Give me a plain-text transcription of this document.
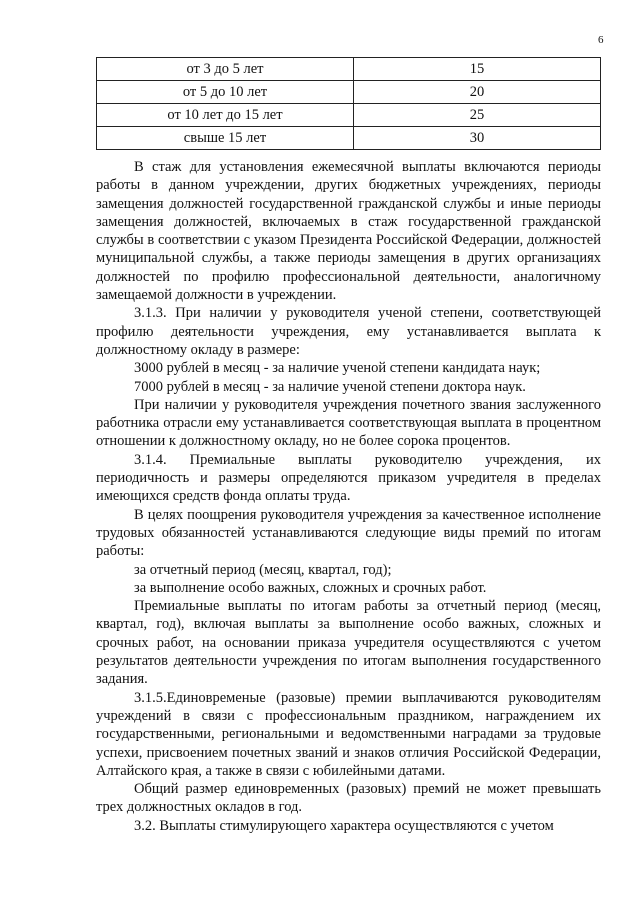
6
от 3 до 5 лет	15
от 5 до 10 лет	20
от 10 лет до 15 лет	25
свыше 15 лет	30

В стаж для установления ежемесячной выплаты включаются периоды работы в данном учреждении, других бюджетных учреждениях, периоды замещения должностей государственной гражданской службы и иные периоды замещения должностей, включаемых в стаж государственной гражданской службы в соответствии с указом Президента Российской Федерации, должностей муниципальной службы, а также периоды замещения в других организациях должностей по профилю профессиональной деятельности, аналогичному замещаемой должности в учреждении.

3.1.3. При наличии у руководителя ученой степени, соответствующей профилю деятельности учреждения, ему устанавливается выплата к должностному окладу в размере:

3000 рублей в месяц - за наличие ученой степени кандидата наук;

7000 рублей в месяц - за наличие ученой степени доктора наук.

При наличии у руководителя учреждения почетного звания заслуженного работника отрасли ему устанавливается соответствующая выплата в процентном отношении к должностному окладу, но не более сорока процентов.

3.1.4. Премиальные выплаты руководителю учреждения, их периодичность и размеры определяются приказом учредителя в пределах имеющихся средств фонда оплаты труда.

В целях поощрения руководителя учреждения за качественное исполнение трудовых обязанностей устанавливаются следующие виды премий по итогам работы:

за отчетный период (месяц, квартал, год);

за выполнение особо важных, сложных и срочных работ.

Премиальные выплаты по итогам работы за отчетный период (месяц, квартал, год), включая выплаты за выполнение особо важных, сложных и срочных работ, на основании приказа учредителя осуществляются с учетом результатов деятельности учреждения по итогам выполнения государственного задания.

3.1.5.Единовременые (разовые) премии выплачиваются руководителям учреждений в связи с профессиональным праздником, награждением их государственными, региональными и ведомственными наградами за трудовые успехи, присвоением почетных званий и знаков отличия Российской Федерации, Алтайского края, а также в связи с юбилейными датами.

Общий размер единовременных (разовых) премий не может превышать трех должностных окладов в год.

3.2. Выплаты стимулирующего характера осуществляются с учетом
